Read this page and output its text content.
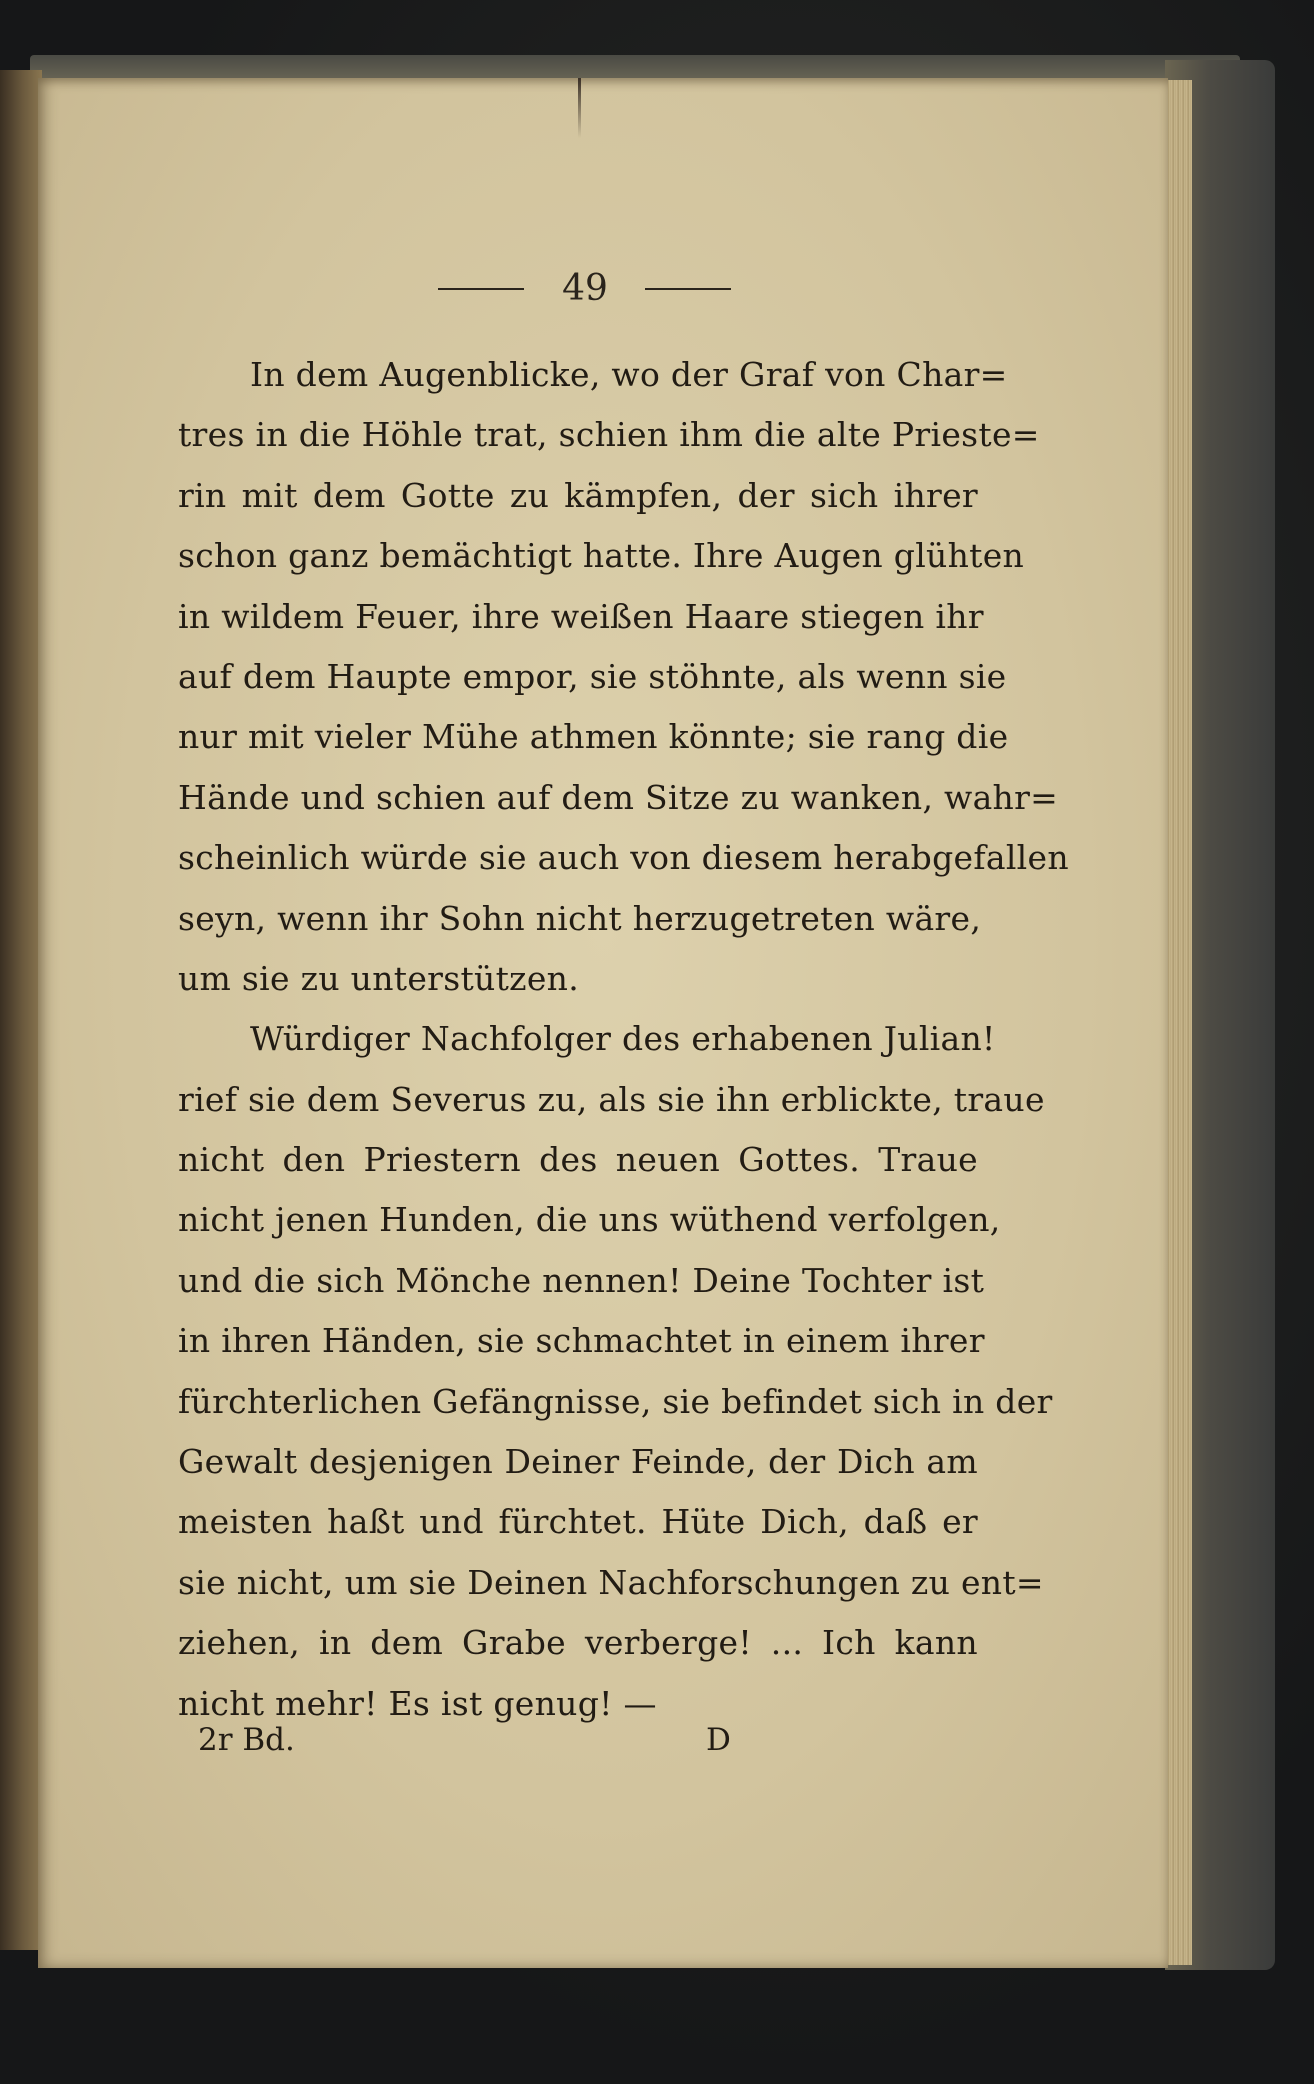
49
In dem Augenblicke, wo der Graf von Char=
tres in die Höhle trat, schien ihm die alte Prieste=
rin mit dem Gotte zu kämpfen, der sich ihrer
schon ganz bemächtigt hatte. Ihre Augen glühten
in wildem Feuer, ihre weißen Haare stiegen ihr
auf dem Haupte empor, sie stöhnte, als wenn sie
nur mit vieler Mühe athmen könnte; sie rang die
Hände und schien auf dem Sitze zu wanken, wahr=
scheinlich würde sie auch von diesem herabgefallen
seyn, wenn ihr Sohn nicht herzugetreten wäre,
um sie zu unterstützen.
Würdiger Nachfolger des erhabenen Julian!
rief sie dem Severus zu, als sie ihn erblickte, traue
nicht den Priestern des neuen Gottes. Traue
nicht jenen Hunden, die uns wüthend verfolgen,
und die sich Mönche nennen! Deine Tochter ist
in ihren Händen, sie schmachtet in einem ihrer
fürchterlichen Gefängnisse, sie befindet sich in der
Gewalt desjenigen Deiner Feinde, der Dich am
meisten haßt und fürchtet. Hüte Dich, daß er
sie nicht, um sie Deinen Nachforschungen zu ent=
ziehen, in dem Grabe verberge! ... Ich kann
nicht mehr! Es ist genug! —
2r Bd.	D
